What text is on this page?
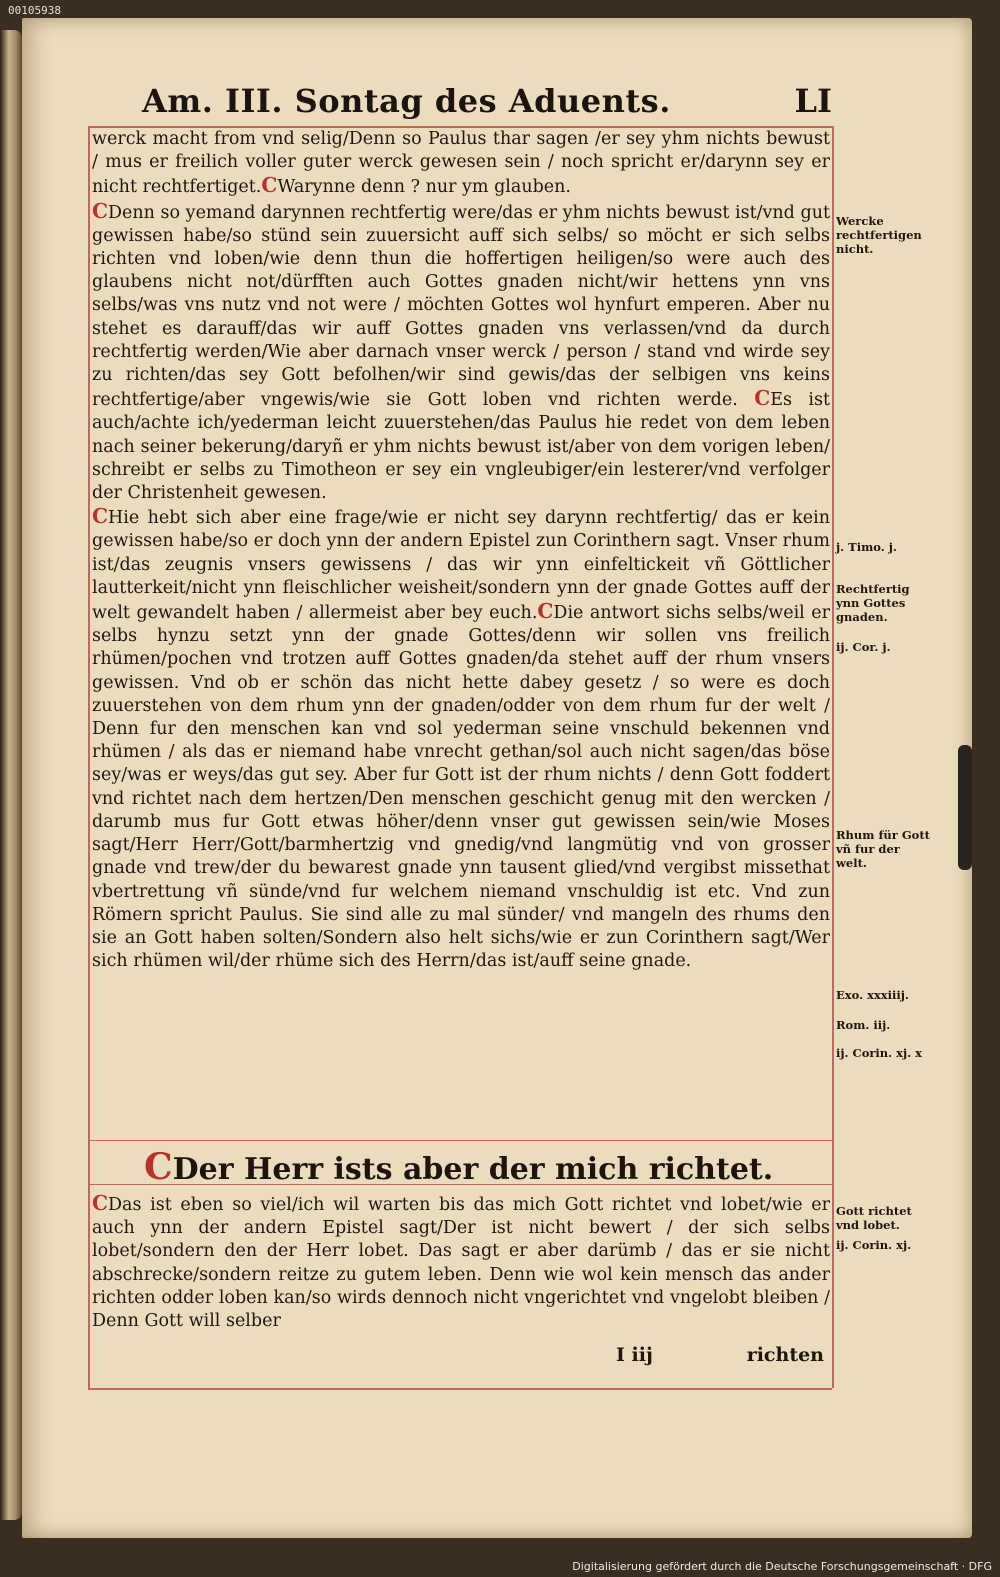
00105938
Am. III. Sontag des Aduents.	LI

werck macht from vnd selig/Denn so Paulus thar sagen /er sey yhm nichts bewust / mus er freilich voller guter werck gewesen sein / noch spricht er/darynn sey er nicht rechtfertiget.CWarynne denn ? nur ym glauben.

CDenn so yemand darynnen rechtfertig were/das er yhm nichts bewust ist/vnd gut gewissen habe/so stünd sein zuuersicht auff sich selbs/ so möcht er sich selbs richten vnd loben/wie denn thun die hoffertigen heiligen/so were auch des glaubens nicht not/dürfften auch Gottes gnaden nicht/wir hettens ynn vns selbs/was vns nutz vnd not were / möchten Gottes wol hynfurt emperen. Aber nu stehet es darauff/das wir auff Gottes gnaden vns verlassen/vnd da durch rechtfertig werden/Wie aber darnach vnser werck / person / stand vnd wirde sey zu richten/das sey Gott befolhen/wir sind gewis/das der selbigen vns keins rechtfertige/aber vngewis/wie sie Gott loben vnd richten werde. CEs ist auch/achte ich/yederman leicht zuuerstehen/das Paulus hie redet von dem leben nach seiner bekerung/daryñ er yhm nichts bewust ist/aber von dem vorigen leben/ schreibt er selbs zu Timotheon er sey ein vngleubiger/ein lesterer/vnd verfolger der Christenheit gewesen.

CHie hebt sich aber eine frage/wie er nicht sey darynn rechtfertig/ das er kein gewissen habe/so er doch ynn der andern Epistel zun Corinthern sagt. Vnser rhum ist/das zeugnis vnsers gewissens / das wir ynn einfeltickeit vñ Göttlicher lautterkeit/nicht ynn fleischlicher weisheit/sondern ynn der gnade Gottes auff der welt gewandelt haben / allermeist aber bey euch.CDie antwort sichs selbs/weil er selbs hynzu setzt ynn der gnade Gottes/denn wir sollen vns freilich rhümen/pochen vnd trotzen auff Gottes gnaden/da stehet auff der rhum vnsers gewissen. Vnd ob er schön das nicht hette dabey gesetz / so were es doch zuuerstehen von dem rhum ynn der gnaden/odder von dem rhum fur der welt / Denn fur den menschen kan vnd sol yederman seine vnschuld bekennen vnd rhümen / als das er niemand habe vnrecht gethan/sol auch nicht sagen/das böse sey/was er weys/das gut sey. Aber fur Gott ist der rhum nichts / denn Gott foddert vnd richtet nach dem hertzen/Den menschen geschicht genug mit den wercken / darumb mus fur Gott etwas höher/denn vnser gut gewissen sein/wie Moses sagt/Herr Herr/Gott/barmhertzig vnd gnedig/vnd langmütig vnd von grosser gnade vnd trew/der du bewarest gnade ynn tausent glied/vnd vergibst missethat vbertrettung vñ sünde/vnd fur welchem niemand vnschuldig ist etc. Vnd zun Römern spricht Paulus. Sie sind alle zu mal sünder/ vnd mangeln des rhums den sie an Gott haben solten/Sondern also helt sichs/wie er zun Corinthern sagt/Wer sich rhümen wil/der rhüme sich des Herrn/das ist/auff seine gnade.

CDer Herr ists aber der mich richtet.

CDas ist eben so viel/ich wil warten bis das mich Gott richtet vnd lobet/wie er auch ynn der andern Epistel sagt/Der ist nicht bewert / der sich selbs lobet/sondern den der Herr lobet. Das sagt er aber darümb / das er sie nicht abschrecke/sondern reitze zu gutem leben. Denn wie wol kein mensch das ander richten odder loben kan/so wirds dennoch nicht vngerichtet vnd vngelobt bleiben / Denn Gott will selber

I iij	richten
Wercke rechtfertigen nicht.
j. Timo. j.
Rechtfertig ynn Gottes gnaden.
ij. Cor. j.
Rhum für Gott vñ fur der welt.
Exo. xxxiiij.
Rom. iij.
ij. Corin. xj. x
Gott richtet vnd lobet.
ij. Corin. xj.
Digitalisierung gefördert durch die Deutsche Forschungsgemeinschaft · DFG
